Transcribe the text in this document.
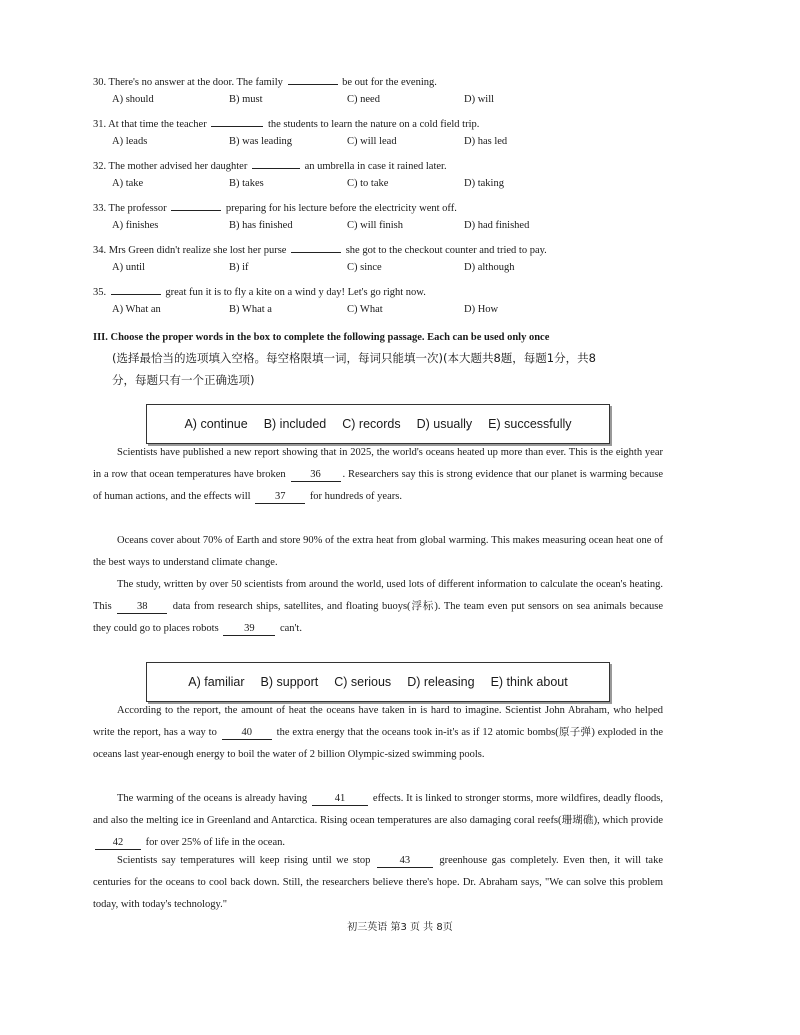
30. There's no answer at the door. The family	be out for the evening.
A) should	B) must	C) need	D) will
31. At that time the teacher	the students to learn the nature on a cold field trip.
A) leads	B) was leading	C) will lead	D) has led
32. The mother advised her daughter	an umbrella in case it rained later.
A) take	B) takes	C) to take	D) taking
33. The professor	preparing for his lecture before the electricity went off.
A) finishes	B) has finished	C) will finish	D) had finished
34. Mrs Green didn't realize she lost her purse	she got to the checkout counter and tried to pay.
A) until	B) if	C) since	D) although
35.	great fun it is to fly a kite on a wind y day! Let's go right now.
A) What an	B) What a	C) What	D) How
III. Choose the proper words in the box to complete the following passage. Each can be used only once
(选择最恰当的选项填入空格。每空格限填一词，每词只能填一次)(本大题共8题，每题1分，共8
分，每题只有一个正确选项)
A) continue B) included C) records D) usually E) successfully
Scientists have published a new report showing that in 2025, the world's oceans heated up more than ever. This is the eighth year in a row that ocean temperatures have broken 36 . Researchers say this is strong evidence that our planet is warming because of human actions, and the effects will 37 for hundreds of years.
Oceans cover about 70% of Earth and store 90% of the extra heat from global warming. This makes measuring ocean heat one of the best ways to understand climate change.
The study, written by over 50 scientists from around the world, used lots of different information to calculate the ocean's heating. This 38 data from research ships, satellites, and floating buoys(浮标). The team even put sensors on sea animals because they could go to places robots 39 can't.
A) familiar B) support C) serious D) releasing E) think about
According to the report, the amount of heat the oceans have taken in is hard to imagine. Scientist John Abraham, who helped write the report, has a way to 40 the extra energy that the oceans took in-it's as if 12 atomic bombs(原子弹) exploded in the oceans last year-enough energy to boil the water of 2 billion Olympic-sized swimming pools.
The warming of the oceans is already having	41	effects. It is linked to stronger storms, more wildfires, deadly floods, and also the melting ice in Greenland and Antarctica. Rising ocean temperatures are also damaging coral reefs(珊瑚礁), which provide 42 for over 25% of life in the ocean.
Scientists say temperatures will keep rising until we stop	43	greenhouse gas completely. Even then, it will take centuries for the oceans to cool back down. Still, the researchers believe there's hope. Dr. Abraham says, "We can solve this problem today, with today's technology."
初三英语 第3 页 共 8页
